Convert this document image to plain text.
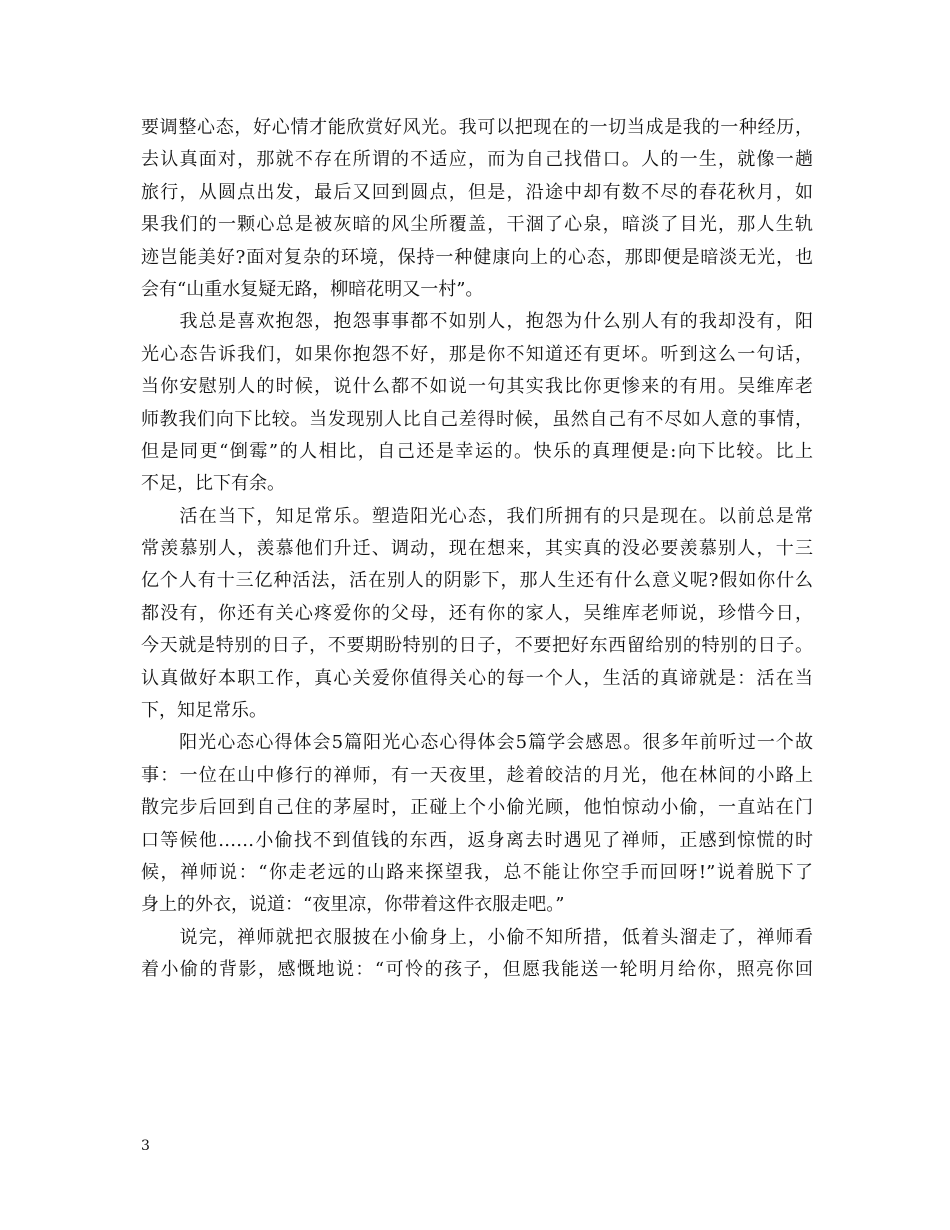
要调整心态，好心情才能欣赏好风光。我可以把现在的一切当成是我的一种经历，
去认真面对，那就不存在所谓的不适应，而为自己找借口。人的一生，就像一趟
旅行，从圆点出发，最后又回到圆点，但是，沿途中却有数不尽的春花秋月，如
果我们的一颗心总是被灰暗的风尘所覆盖，干涸了心泉，暗淡了目光，那人生轨
迹岂能美好?面对复杂的环境，保持一种健康向上的心态，那即便是暗淡无光，也
会有“山重水复疑无路，柳暗花明又一村”。
　　我总是喜欢抱怨，抱怨事事都不如别人，抱怨为什么别人有的我却没有，阳
光心态告诉我们，如果你抱怨不好，那是你不知道还有更坏。听到这么一句话，
当你安慰别人的时候，说什么都不如说一句其实我比你更惨来的有用。吴维库老
师教我们向下比较。当发现别人比自己差得时候，虽然自己有不尽如人意的事情，
但是同更“倒霉”的人相比，自己还是幸运的。快乐的真理便是:向下比较。比上
不足，比下有余。
　　活在当下，知足常乐。塑造阳光心态，我们所拥有的只是现在。以前总是常
常羡慕别人，羡慕他们升迁、调动，现在想来，其实真的没必要羡慕别人，十三
亿个人有十三亿种活法，活在别人的阴影下，那人生还有什么意义呢?假如你什么
都没有，你还有关心疼爱你的父母，还有你的家人，吴维库老师说，珍惜今日，
今天就是特别的日子，不要期盼特别的日子，不要把好东西留给别的特别的日子。
认真做好本职工作，真心关爱你值得关心的每一个人，生活的真谛就是：活在当
下，知足常乐。
　　阳光心态心得体会5篇阳光心态心得体会5篇学会感恩。很多年前听过一个故
事：一位在山中修行的禅师，有一天夜里，趁着皎洁的月光，他在林间的小路上
散完步后回到自己住的茅屋时，正碰上个小偷光顾，他怕惊动小偷，一直站在门
口等候他……小偷找不到值钱的东西，返身离去时遇见了禅师，正感到惊慌的时
候，禅师说：“你走老远的山路来探望我，总不能让你空手而回呀!”说着脱下了
身上的外衣，说道：“夜里凉，你带着这件衣服走吧。”
　　说完，禅师就把衣服披在小偷身上，小偷不知所措，低着头溜走了，禅师看
着小偷的背影，感慨地说：“可怜的孩子，但愿我能送一轮明月给你，照亮你回
3
